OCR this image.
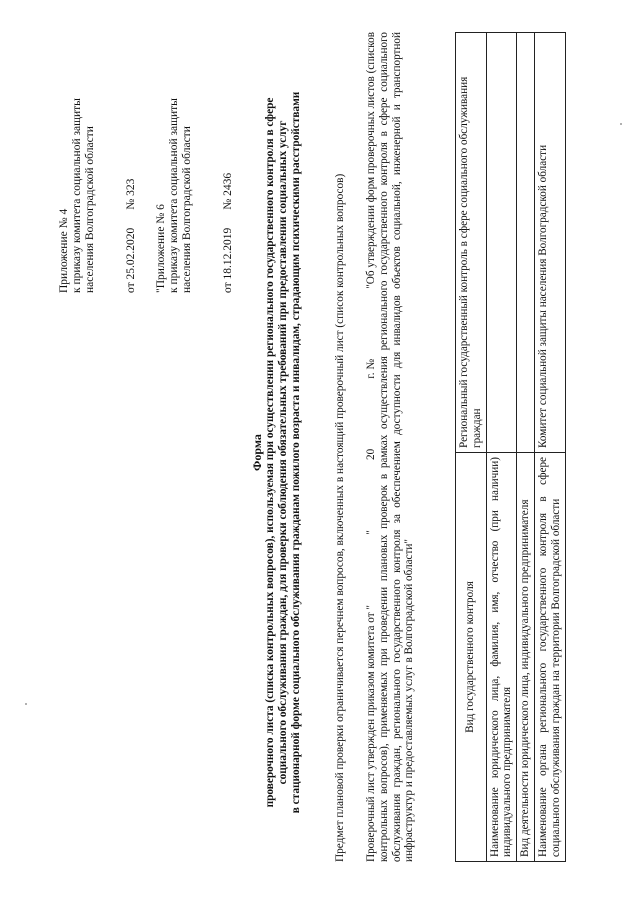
Приложение № 4 к приказу комитета социальной защиты населения Волгоградской области	от 25.02.2020
№ 323
"Приложение № 6 к приказу комитета социальной защиты населения Волгоградской области	от 18.12.2019
№ 2436
Форма проверочного листа (списка контрольных вопросов), используемая при осуществлении регионального государственного контроля в сфере социального обслуживания граждан, для проверки соблюдения обязательных требований при предоставлении социальных услуг в стационарной форме социального обслуживания гражданам пожилого возраста и инвалидам, страдающим психическими расстройствами	Предмет плановой проверки ограничивается перечнем вопросов, включенных в настоящий проверочный лист (список контрольных вопросов) Проверочный лист утвержден приказом комитета от "
"
20
г. №
"Об утверждении форм проверочных листов (списков контрольных вопросов), применяемых при проведении плановых проверок в рамках осуществления регионального государственного контроля в сфере социального обслуживания граждан, регионального государственного контроля за обеспечением доступности для инвалидов объектов социальной, инженерной и транспортной инфраструктур и предоставляемых услуг в Волгоградской области"	Вид государственного контроля	Региональный государственный контроль в сфере социального обслуживания граждан
Наименование юридического лица, фамилия, имя, отчество (при наличии) индивидуального предпринимателя	
Вид деятельности юридического лица, индивидуального предпринимателя	
Наименование органа регионального государственного контроля в сфере социального обслуживания граждан на территории Волгоградской области	Комитет социальной защиты населения Волгоградской области
